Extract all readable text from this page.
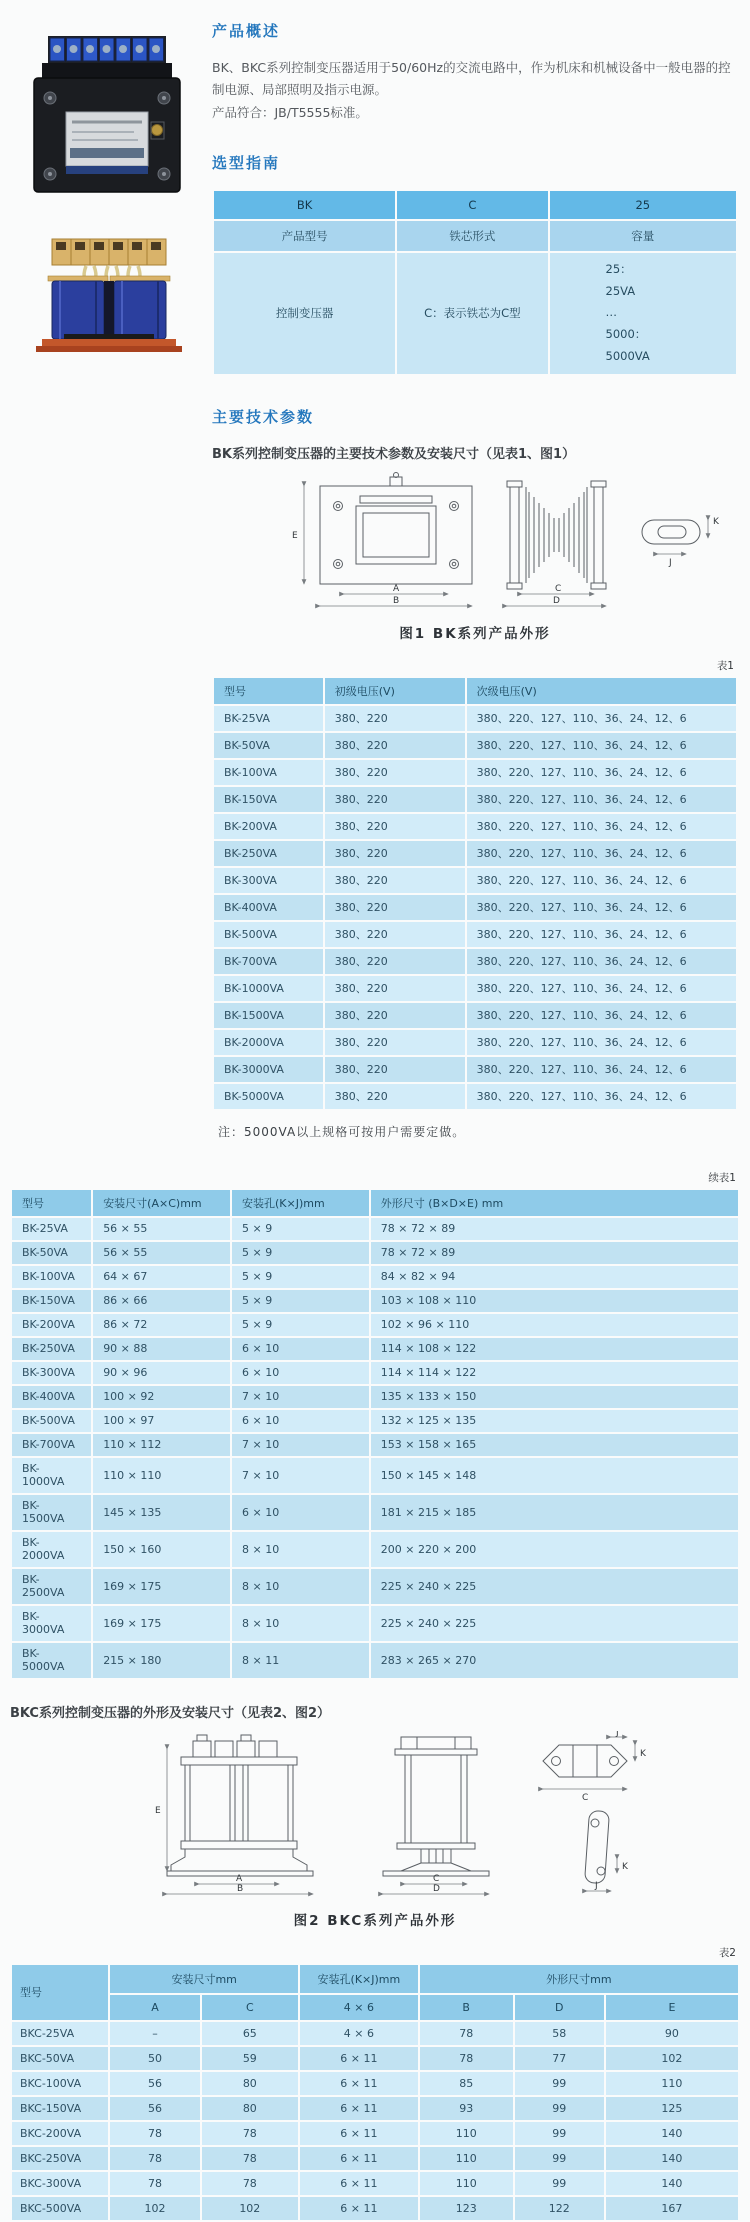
产品概述

BK、BKC系列控制变压器适用于50/60Hz的交流电路中，作为机床和机械设备中一般电器的控制电源、局部照明及指示电源。

产品符合：JB/T5555标准。

选型指南
BK	C	25
产品型号	铁芯形式	容量
控制变压器	C：表示铁芯为C型	25：
25VA
…
5000：
5000VA
主要技术参数

BK系列控制变压器的主要技术参数及安装尺寸（见表1、图1）

E
A
B
C
D
K
J
图1 BK系列产品外形
表1
型号	初级电压(V)	次级电压(V)
BK-25VA	380、220	380、220、127、110、36、24、12、6
BK-50VA	380、220	380、220、127、110、36、24、12、6
BK-100VA	380、220	380、220、127、110、36、24、12、6
BK-150VA	380、220	380、220、127、110、36、24、12、6
BK-200VA	380、220	380、220、127、110、36、24、12、6
BK-250VA	380、220	380、220、127、110、36、24、12、6
BK-300VA	380、220	380、220、127、110、36、24、12、6
BK-400VA	380、220	380、220、127、110、36、24、12、6
BK-500VA	380、220	380、220、127、110、36、24、12、6
BK-700VA	380、220	380、220、127、110、36、24、12、6
BK-1000VA	380、220	380、220、127、110、36、24、12、6
BK-1500VA	380、220	380、220、127、110、36、24、12、6
BK-2000VA	380、220	380、220、127、110、36、24、12、6
BK-3000VA	380、220	380、220、127、110、36、24、12、6
BK-5000VA	380、220	380、220、127、110、36、24、12、6

注：5000VA以上规格可按用户需要定做。

续表1
型号	安装尺寸(A×C)mm	安装孔(K×J)mm	外形尺寸 (B×D×E) mm
BK-25VA	56 × 55	5 × 9	78 × 72 × 89
BK-50VA	56 × 55	5 × 9	78 × 72 × 89
BK-100VA	64 × 67	5 × 9	84 × 82 × 94
BK-150VA	86 × 66	5 × 9	103 × 108 × 110
BK-200VA	86 × 72	5 × 9	102 × 96 × 110
BK-250VA	90 × 88	6 × 10	114 × 108 × 122
BK-300VA	90 × 96	6 × 10	114 × 114 × 122
BK-400VA	100 × 92	7 × 10	135 × 133 × 150
BK-500VA	100 × 97	6 × 10	132 × 125 × 135
BK-700VA	110 × 112	7 × 10	153 × 158 × 165
BK-1000VA	110 × 110	7 × 10	150 × 145 × 148
BK-1500VA	145 × 135	6 × 10	181 × 215 × 185
BK-2000VA	150 × 160	8 × 10	200 × 220 × 200
BK-2500VA	169 × 175	8 × 10	225 × 240 × 225
BK-3000VA	169 × 175	8 × 10	225 × 240 × 225
BK-5000VA	215 × 180	8 × 11	283 × 265 × 270

BKC系列控制变压器的外形及安装尺寸（见表2、图2）

E
A
B
C
D
J
K
C
K
J
图2 BKC系列产品外形
表2
型号	安装尺寸mm		安装孔(K×J)mm	外形尺寸mm		
	A	C	4 × 6	B	D	E
BKC-25VA	–	65	4 × 6	78	58	90
BKC-50VA	50	59	6 × 11	78	77	102
BKC-100VA	56	80	6 × 11	85	99	110
BKC-150VA	56	80	6 × 11	93	99	125
BKC-200VA	78	78	6 × 11	110	99	140
BKC-250VA	78	78	6 × 11	110	99	140
BKC-300VA	78	78	6 × 11	110	99	140
BKC-500VA	102	102	6 × 11	123	122	167
